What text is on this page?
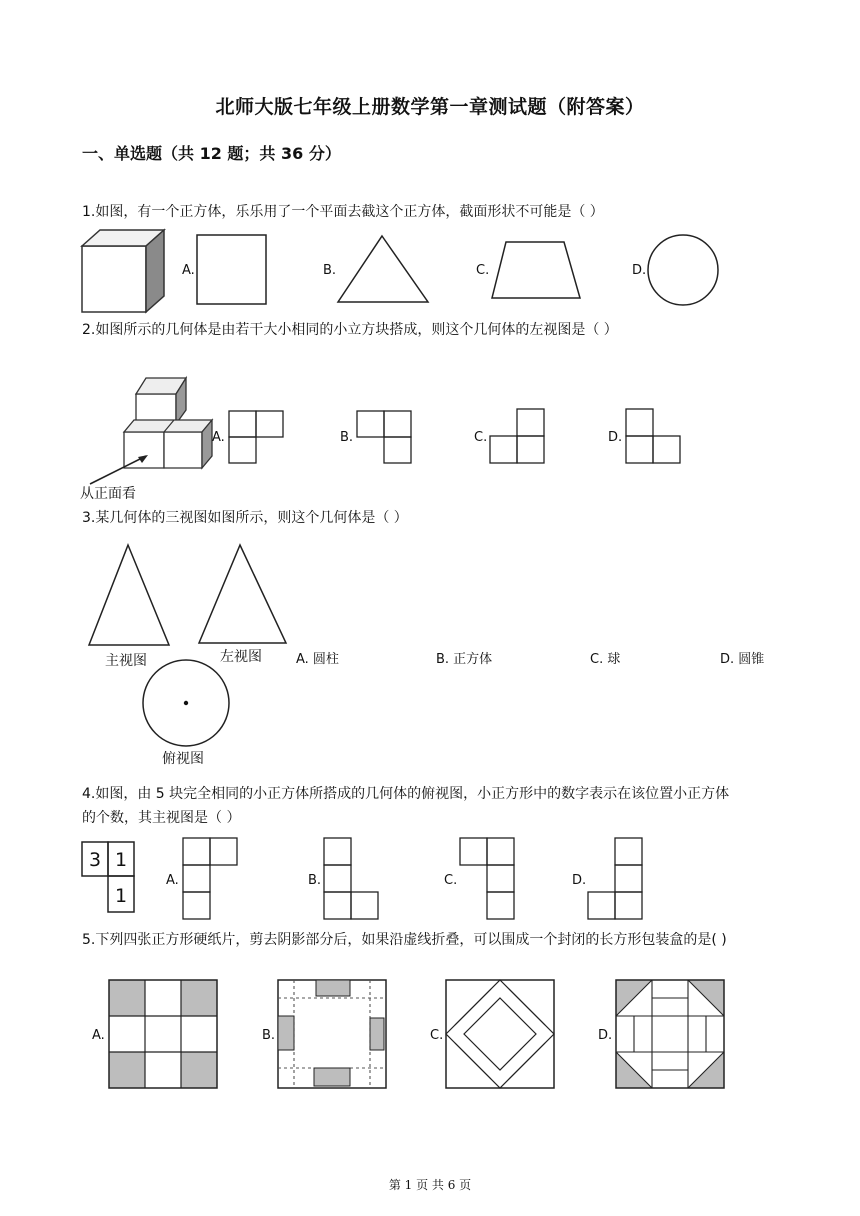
北师大版七年级上册数学第一章测试题（附答案）
一、单选题（共 12 题；共 36 分）
1.如图，有一个正方体，乐乐用了一个平面去截这个正方体，截面形状不可能是（ ）
A.	B.	C.	D.
2.如图所示的几何体是由若干大小相同的小立方块搭成，则这个几何体的左视图是（ ）
从正面看
A.	B.	C.	D.
3.某几何体的三视图如图所示，则这个几何体是（ ）
主视图	左视图
俯视图
A. 圆柱	B. 正方体	C. 球	D. 圆锥
4.如图，由 5 块完全相同的小正方体所搭成的几何体的俯视图，小正方形中的数字表示在该位置小正方体
的个数，其主视图是（ ）
3 1
1
A.	B.	C.	D.
5.下列四张正方形硬纸片，剪去阴影部分后，如果沿虚线折叠，可以围成一个封闭的长方形包装盒的是( )
A.	B.	C.	D.
第 1 页 共 6 页
